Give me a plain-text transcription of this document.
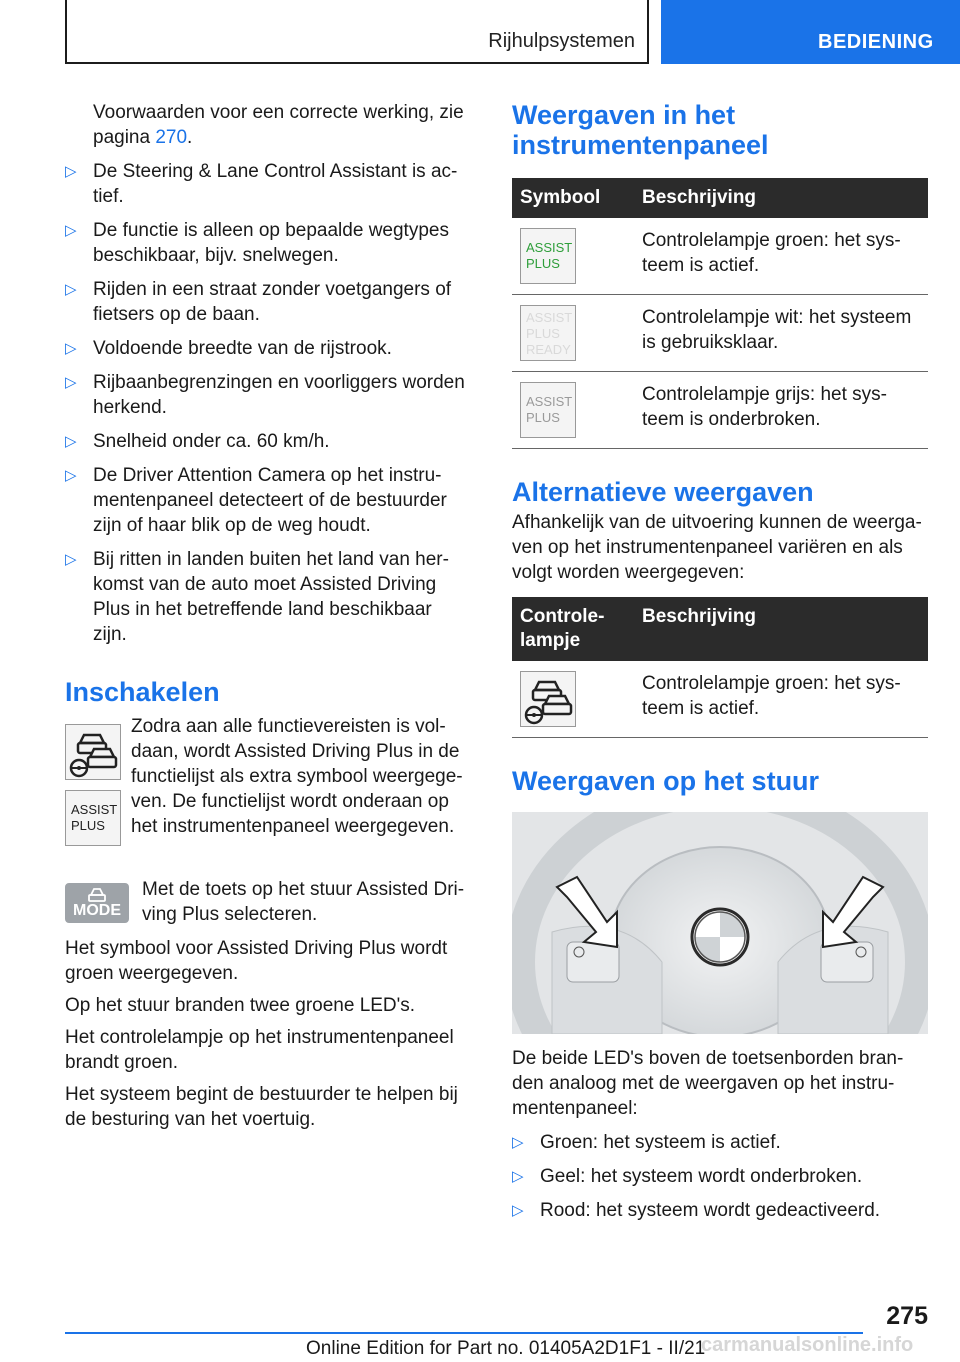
Rijhulpsystemen	BEDIENING

Voorwaarden voor een correcte werking, zie pagina 270.

▷ De Steering & Lane Control Assistant is ac-tief.
▷ De functie is alleen op bepaalde wegtypes beschikbaar, bijv. snelwegen.
▷ Rijden in een straat zonder voetgangers of fietsers op de baan.
▷ Voldoende breedte van de rijstrook.
▷ Rijbaanbegrenzingen en voorliggers worden herkend.
▷ Snelheid onder ca. 60 km/h.
▷ De Driver Attention Camera op het instru-mentenpaneel detecteert of de bestuurder zijn of haar blik op de weg houdt.
▷ Bij ritten in landen buiten het land van her-komst van de auto moet Assisted Driving Plus in het betreffende land beschikbaar zijn.
Inschakelen
ASSIST
PLUS

Zodra aan alle functievereisten is vol-daan, wordt Assisted Driving Plus in de functielijst als extra symbool weergege-ven. De functielijst wordt onderaan op het instrumentenpaneel weergegeven.

MODE

Met de toets op het stuur Assisted Dri-ving Plus selecteren.

Het symbool voor Assisted Driving Plus wordt groen weergegeven.

Op het stuur branden twee groene LED's.

Het controlelampje op het instrumentenpaneel brandt groen.

Het systeem begint de bestuurder te helpen bij de besturing van het voertuig.

Weergaven in het instrumentenpaneel
Symbool	Beschrijving

ASSIST
PLUS	Controlelampje groen: het sys-teem is actief.

ASSIST
PLUS
READY	Controlelampje wit: het systeem is gebruiksklaar.

ASSIST
PLUS	Controlelampje grijs: het sys-teem is onderbroken.
Alternatieve weergaven

Afhankelijk van de uitvoering kunnen de weerga-ven op het instrumentenpaneel variëren en als volgt worden weergegeven:

Controle-lampje	Beschrijving

	Controlelampje groen: het sys-teem is actief.
Weergaven op het stuur

De beide LED's boven de toetsenborden bran-den analoog met de weergaven op het instru-mentenpaneel:

▷ Groen: het systeem is actief.
▷ Geel: het systeem wordt onderbroken.
▷ Rood: het systeem wordt gedeactiveerd.
275
Online Edition for Part no. 01405A2D1F1 - II/21
carmanualsonline.info
